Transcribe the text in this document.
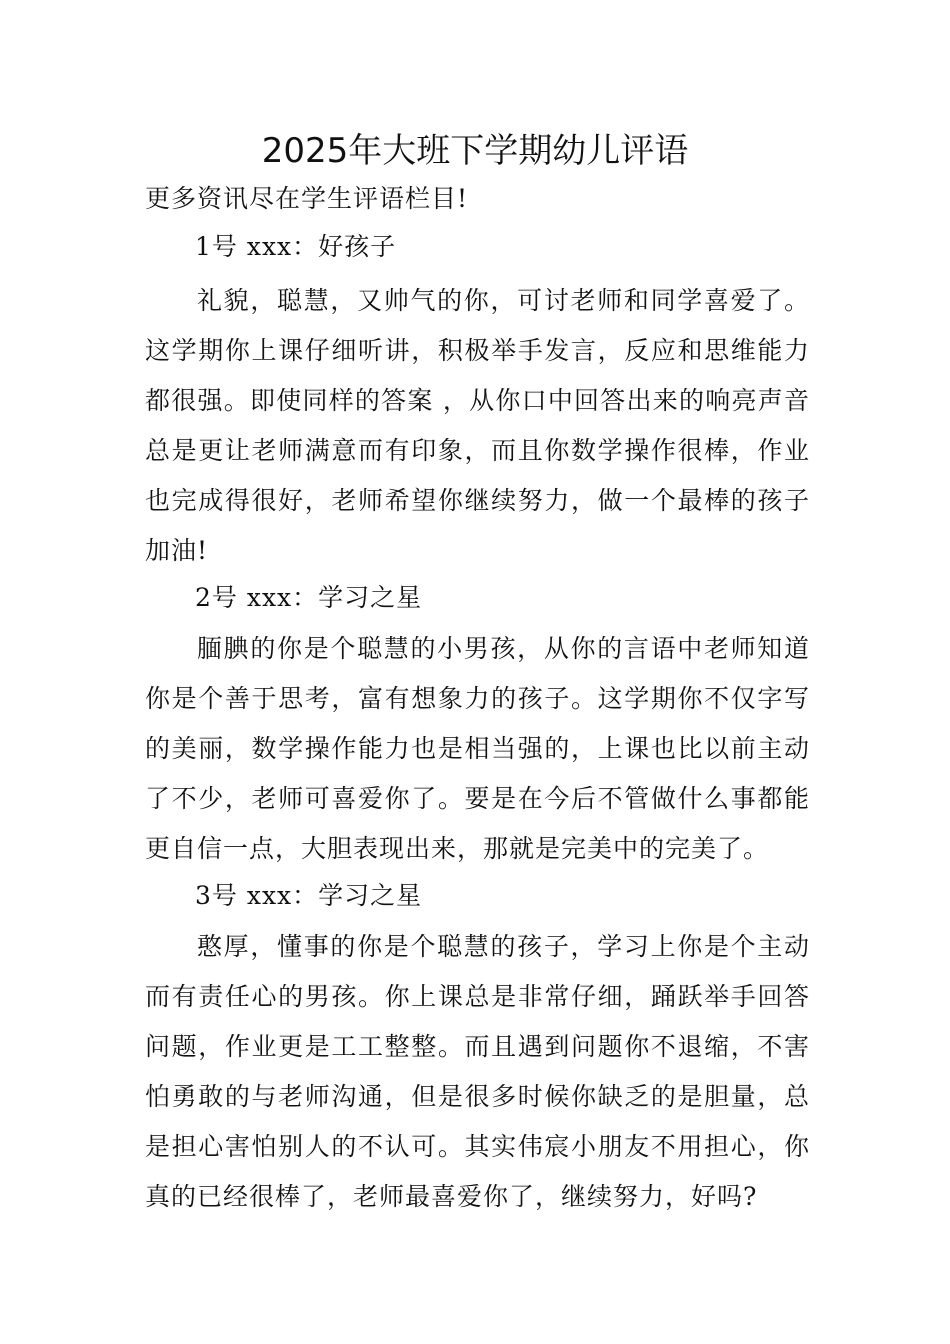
2025年大班下学期幼儿评语
更多资讯尽在学生评语栏目!
1号 xxx：好孩子
礼貌，聪慧，又帅气的你，可讨老师和同学喜爱了。这学期你上课仔细听讲，积极举手发言，反应和思维能力都很强。即使同样的答案 ，从你口中回答出来的响亮声音总是更让老师满意而有印象，而且你数学操作很棒，作业也完成得很好，老师希望你继续努力，做一个最棒的孩子加油!
2号 xxx：学习之星
腼腆的你是个聪慧的小男孩，从你的言语中老师知道你是个善于思考，富有想象力的孩子。这学期你不仅字写的美丽，数学操作能力也是相当强的，上课也比以前主动了不少，老师可喜爱你了。要是在今后不管做什么事都能更自信一点，大胆表现出来，那就是完美中的完美了。
3号 xxx：学习之星
憨厚，懂事的你是个聪慧的孩子，学习上你是个主动而有责任心的男孩。你上课总是非常仔细，踊跃举手回答问题，作业更是工工整整。而且遇到问题你不退缩，不害怕勇敢的与老师沟通，但是很多时候你缺乏的是胆量，总是担心害怕别人的不认可。其实伟宸小朋友不用担心，你真的已经很棒了，老师最喜爱你了，继续努力，好吗?
